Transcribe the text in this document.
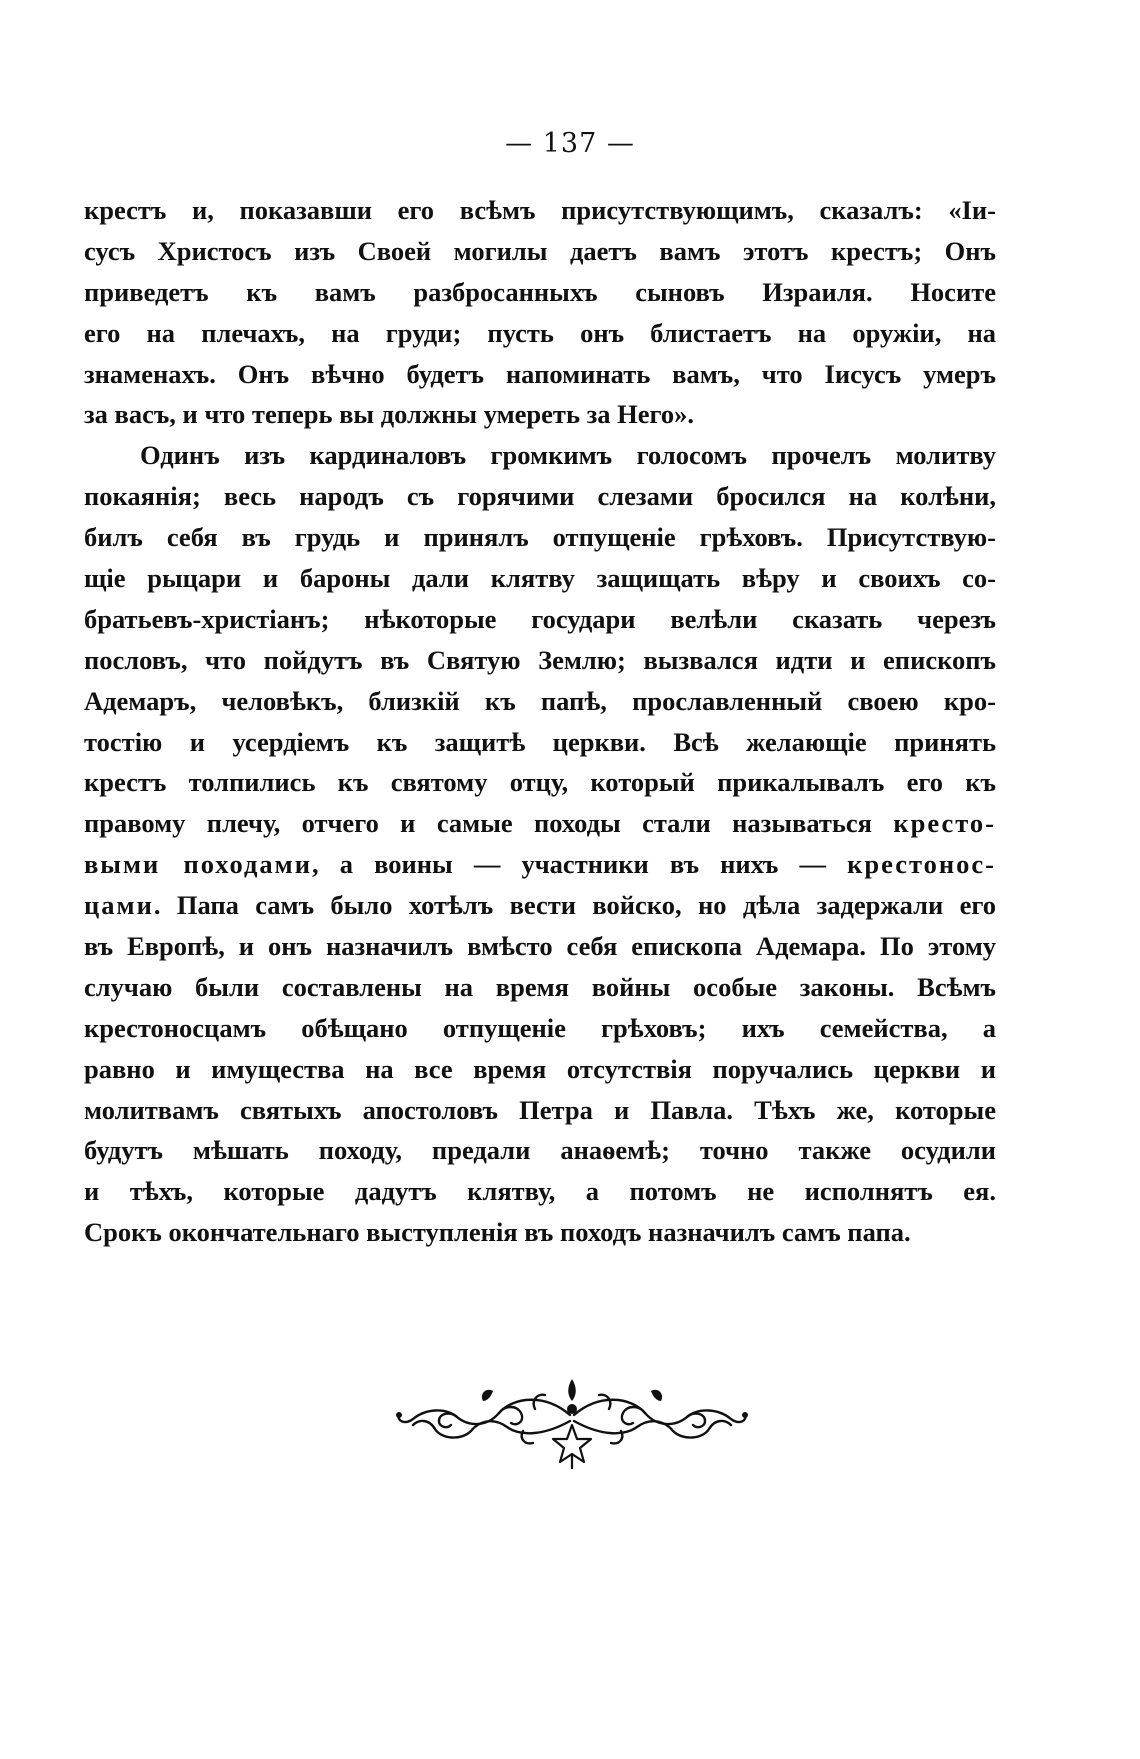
— 137 —
крестъ и, показавши его всѣмъ присутствующимъ, сказалъ: «Іи-
сусъ Христосъ изъ Своей могилы даетъ вамъ этотъ крестъ; Онъ
приведетъ къ вамъ разбросанныхъ сыновъ Израиля. Носите
его на плечахъ, на груди; пусть онъ блистаетъ на оружіи, на
знаменахъ. Онъ вѣчно будетъ напоминать вамъ, что Іисусъ умеръ
за васъ, и что теперь вы должны умереть за Него».
Одинъ изъ кардиналовъ громкимъ голосомъ прочелъ молитву
покаянія; весь народъ съ горячими слезами бросился на колѣни,
билъ себя въ грудь и принялъ отпущеніе грѣховъ. Присутствую-
щіе рыцари и бароны дали клятву защищать вѣру и своихъ со-
братьевъ-христіанъ; нѣкоторые государи велѣли сказать черезъ
пословъ, что пойдутъ въ Святую Землю; вызвался идти и епископъ
Адемаръ, человѣкъ, близкій къ папѣ, прославленный своею кро-
тостію и усердіемъ къ защитѣ церкви. Всѣ желающіе принять
крестъ толпились къ святому отцу, который прикалывалъ его къ
правому плечу, отчего и самые походы стали называться кресто-
выми походами, а воины — участники въ нихъ — крестонос-
цами. Папа самъ было хотѣлъ вести войско, но дѣла задержали его
въ Европѣ, и онъ назначилъ вмѣсто себя епископа Адемара. По этому
случаю были составлены на время войны особые законы. Всѣмъ
крестоносцамъ обѣщано отпущеніе грѣховъ; ихъ семейства, а
равно и имущества на все время отсутствія поручались церкви и
молитвамъ святыхъ апостоловъ Петра и Павла. Тѣхъ же, которые
будутъ мѣшать походу, предали анаѳемѣ; точно также осудили
и тѣхъ, которые дадутъ клятву, а потомъ не исполнятъ ея.
Срокъ окончательнаго выступленія въ походъ назначилъ самъ папа.
